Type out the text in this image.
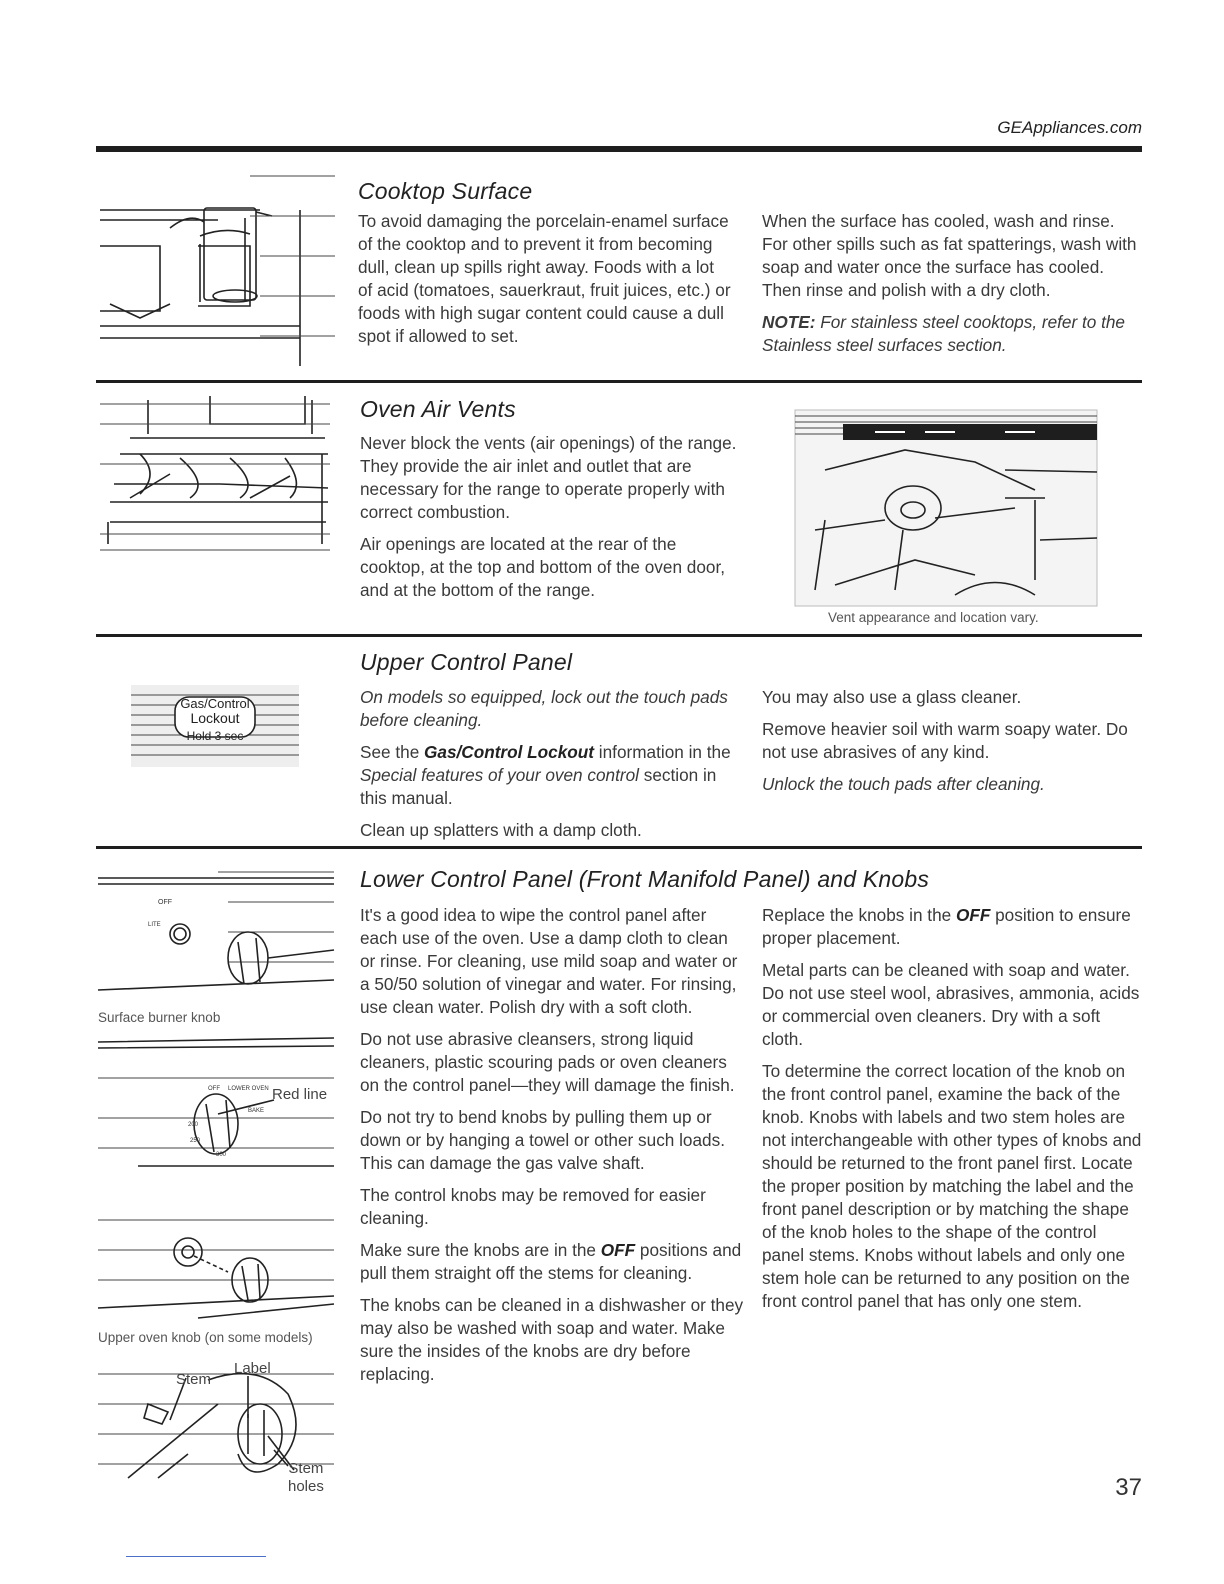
GEAppliances.com
Cooktop Surface

To avoid damaging the porcelain-enamel surface of the cooktop and to prevent it from becoming dull, clean up spills right away. Foods with a lot of acid (tomatoes, sauerkraut, fruit juices, etc.) or foods with high sugar content could cause a dull spot if allowed to set.

When the surface has cooled, wash and rinse. For other spills such as fat spatterings, wash with soap and water once the surface has cooled. Then rinse and polish with a dry cloth.

NOTE: For stainless steel cooktops, refer to the Stainless steel surfaces section.

Oven Air Vents

Never block the vents (air openings) of the range. They provide the air inlet and outlet that are necessary for the range to operate properly with correct combustion.

Air openings are located at the rear of the cooktop, at the top and bottom of the oven door, and at the bottom of the range.

Vent appearance and location vary.
Gas/Control
Lockout
Hold 3 sec
Upper Control Panel

On models so equipped, lock out the touch pads before cleaning.

See the Gas/Control Lockout information in the Special features of your oven control section in this manual.

Clean up splatters with a damp cloth.

You may also use a glass cleaner.

Remove heavier soil with warm soapy water. Do not use abrasives of any kind.

Unlock the touch pads after cleaning.

Lower Control Panel (Front Manifold Panel) and Knobs
OFF
LITE
Surface burner knob
OFF LOWER OVEN
BAKE
200
250
300
Red line
Upper oven knob (on some models)
Label
Stem
Stem
holes

It's a good idea to wipe the control panel after each use of the oven. Use a damp cloth to clean or rinse. For cleaning, use mild soap and water or a 50/50 solution of vinegar and water. For rinsing, use clean water. Polish dry with a soft cloth.

Do not use abrasive cleansers, strong liquid cleaners, plastic scouring pads or oven cleaners on the control panel—they will damage the finish.

Do not try to bend knobs by pulling them up or down or by hanging a towel or other such loads. This can damage the gas valve shaft.

The control knobs may be removed for easier cleaning.

Make sure the knobs are in the OFF positions and pull them straight off the stems for cleaning.

The knobs can be cleaned in a dishwasher or they may also be washed with soap and water. Make sure the insides of the knobs are dry before replacing.

Replace the knobs in the OFF position to ensure proper placement.

Metal parts can be cleaned with soap and water. Do not use steel wool, abrasives, ammonia, acids or commercial oven cleaners. Dry with a soft cloth.

To determine the correct location of the knob on the front control panel, examine the back of the knob. Knobs with labels and two stem holes are not interchangeable with other types of knobs and should be returned to the front panel first. Locate the proper position by matching the label and the front panel description or by matching the shape of the knob holes to the shape of the control panel stems. Knobs without labels and only one stem hole can be returned to any position on the front control panel that has only one stem.

37
